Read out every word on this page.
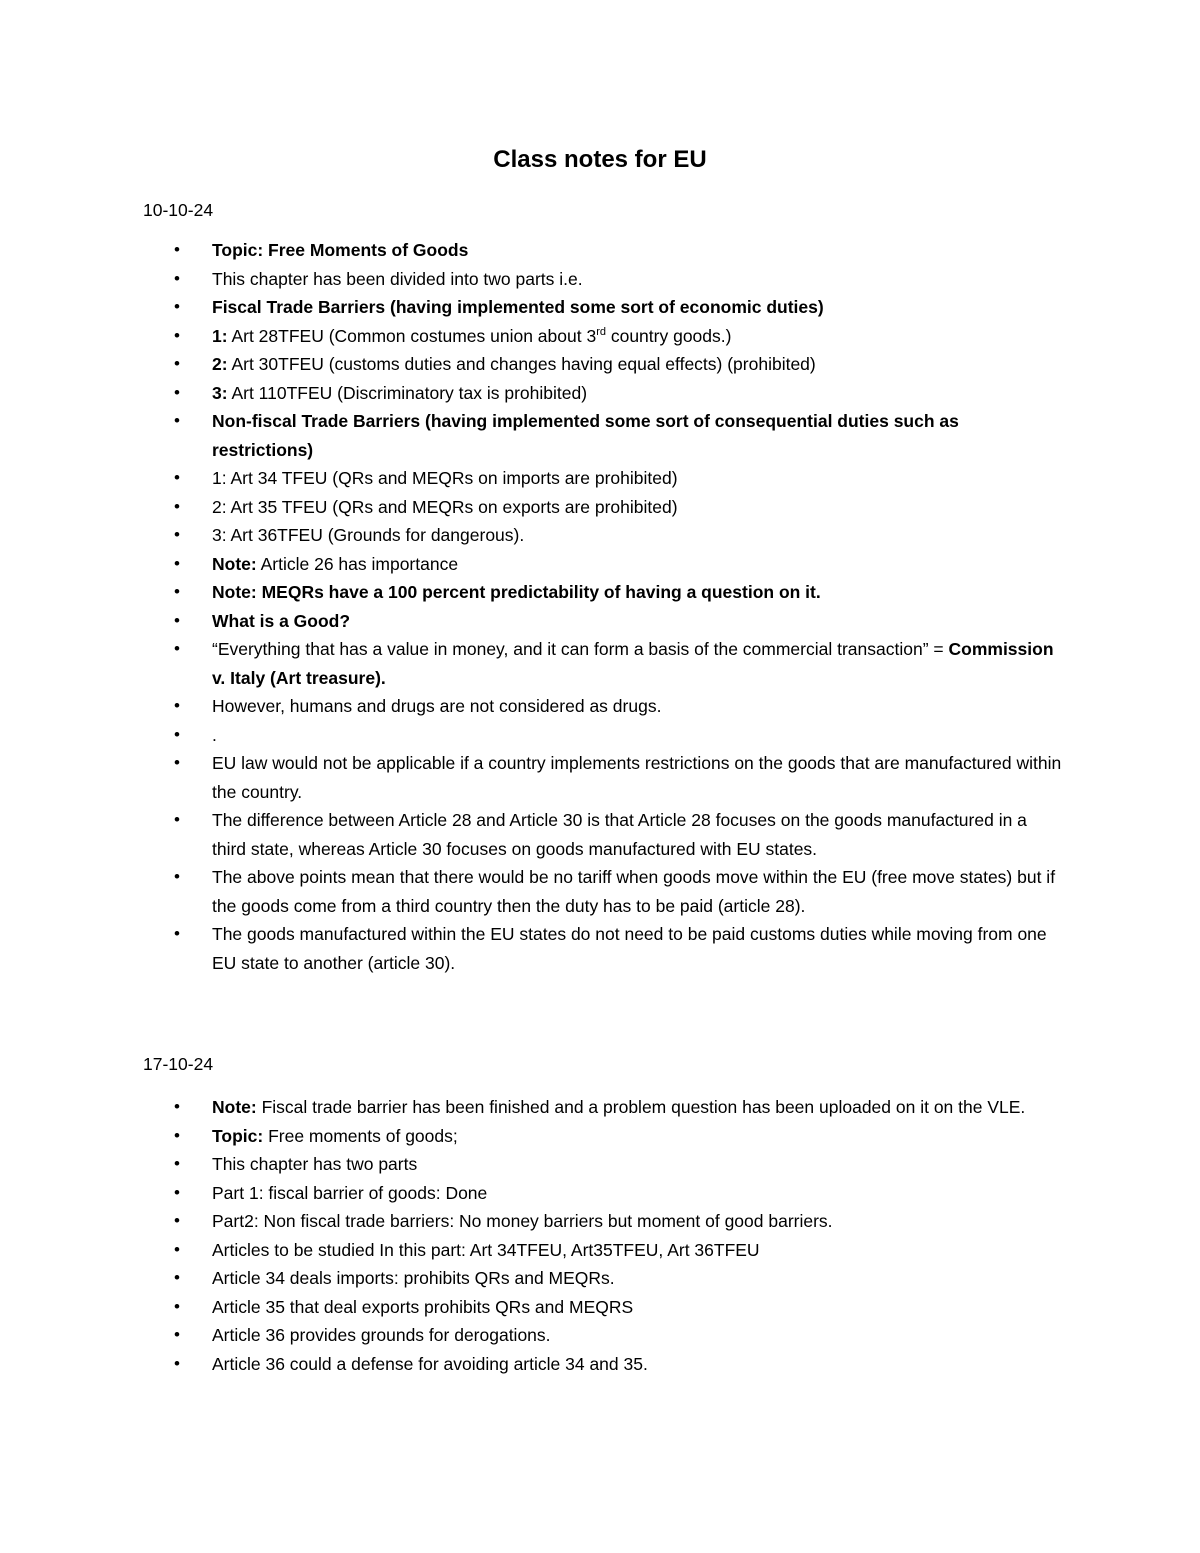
Class notes for EU
10-10-24
• Topic: Free Moments of Goods
• This chapter has been divided into two parts i.e.
• Fiscal Trade Barriers (having implemented some sort of economic duties)
• 1: Art 28TFEU (Common costumes union about 3rd country goods.)
• 2: Art 30TFEU (customs duties and changes having equal effects) (prohibited)
• 3: Art 110TFEU (Discriminatory tax is prohibited)
• Non-fiscal Trade Barriers (having implemented some sort of consequential duties such as restrictions)
• 1: Art 34 TFEU (QRs and MEQRs on imports are prohibited)
• 2: Art 35 TFEU (QRs and MEQRs on exports are prohibited)
• 3: Art 36TFEU (Grounds for dangerous).
• Note: Article 26 has importance
• Note: MEQRs have a 100 percent predictability of having a question on it.
• What is a Good?
• “Everything that has a value in money, and it can form a basis of the commercial transaction” = Commission v. Italy (Art treasure).
• However, humans and drugs are not considered as drugs.
• .
• EU law would not be applicable if a country implements restrictions on the goods that are manufactured within the country.
• The difference between Article 28 and Article 30 is that Article 28 focuses on the goods manufactured in a third state, whereas Article 30 focuses on goods manufactured with EU states.
• The above points mean that there would be no tariff when goods move within the EU (free move states) but if the goods come from a third country then the duty has to be paid (article 28).
• The goods manufactured within the EU states do not need to be paid customs duties while moving from one EU state to another (article 30).
17-10-24
• Note: Fiscal trade barrier has been finished and a problem question has been uploaded on it on the VLE.
• Topic: Free moments of goods;
• This chapter has two parts
• Part 1: fiscal barrier of goods: Done
• Part2: Non fiscal trade barriers: No money barriers but moment of good barriers.
• Articles to be studied In this part: Art 34TFEU, Art35TFEU, Art 36TFEU
• Article 34 deals imports: prohibits QRs and MEQRs.
• Article 35 that deal exports prohibits QRs and MEQRS
• Article 36 provides grounds for derogations.
• Article 36 could a defense for avoiding article 34 and 35.
